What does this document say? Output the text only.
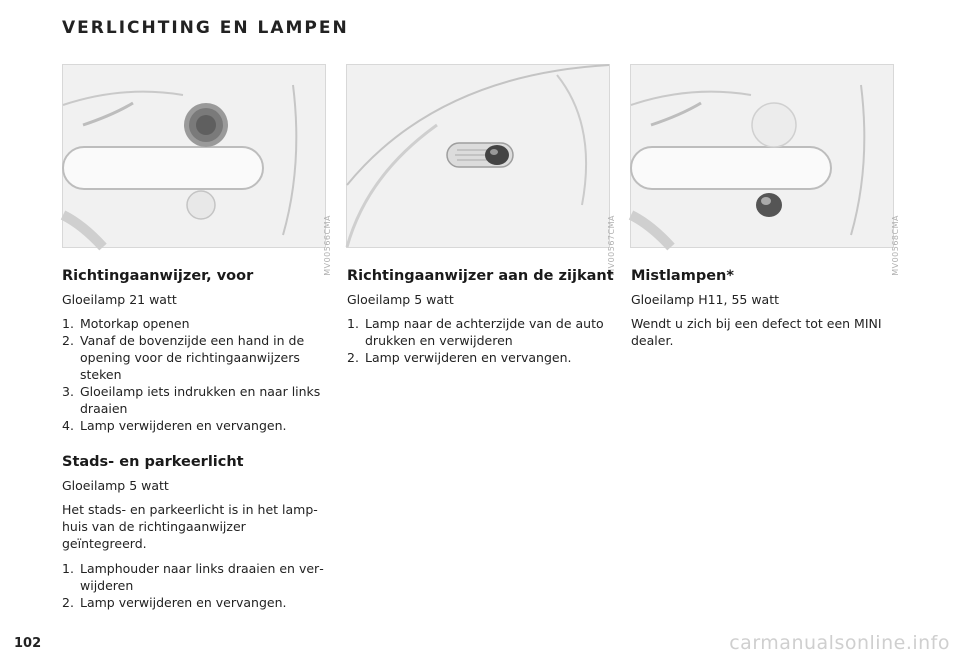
VERLICHTING EN LAMPEN
MV00566CMA	MV00567CMA	MV00568CMA
Richtingaanwijzer, voor
Gloeilamp 21 watt
1. Motorkap openen
2. Vanaf de bovenzijde een hand in de opening voor de richtingaanwijzers steken
3. Gloeilamp iets indrukken en naar links draaien
4. Lamp verwijderen en vervangen.
Stads- en parkeerlicht
Gloeilamp 5 watt
Het stads- en parkeerlicht is in het lamphuis van de richtingaanwijzer geïntegreerd.
1. Lamphouder naar links draaien en verwijderen
2. Lamp verwijderen en vervangen.
Richtingaanwijzer aan de zijkant
Gloeilamp 5 watt
1. Lamp naar de achterzijde van de auto drukken en verwijderen
2. Lamp verwijderen en vervangen.
Mistlampen*
Gloeilamp H11, 55 watt
Wendt u zich bij een defect tot een MINI dealer.
102	carmanualsonline.info
